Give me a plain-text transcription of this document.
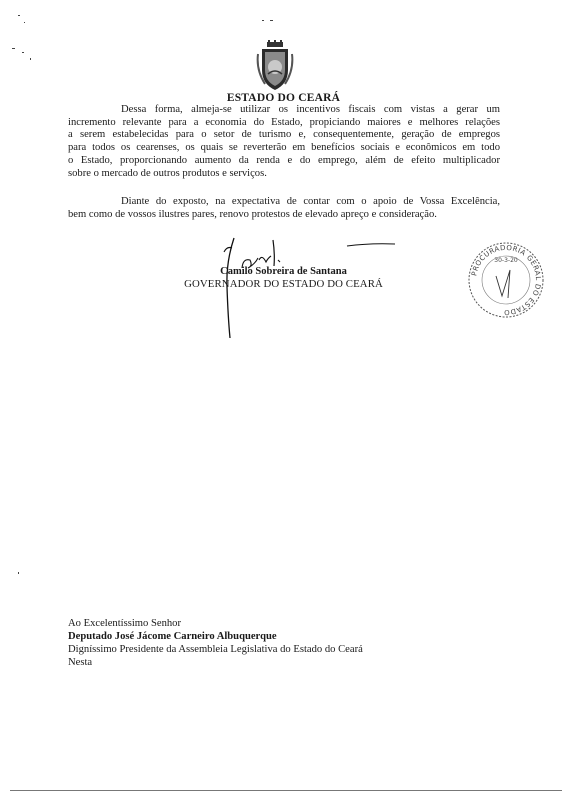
ESTADO DO CEARÁ
Dessa forma, almeja-se utilizar os incentivos fiscais com vistas a gerar um
incremento relevante para a economia do Estado, propiciando maiores e melhores relações
a serem estabelecidas para o setor de turismo e, consequentemente, geração de empregos
para todos os cearenses, os quais se reverterão em benefícios sociais e econômicos em todo
o Estado, proporcionando aumento da renda e do emprego, além de efeito multiplicador
sobre o mercado de outros produtos e serviços.
Diante do exposto, na expectativa de contar com o apoio de Vossa Excelência,
bem como de vossos ilustres pares, renovo protestos de elevado apreço e consideração.
Camilo Sobreira de Santana
GOVERNADOR DO ESTADO DO CEARÁ
PROCURADORIA GERAL DO ESTADO
30-3-20
Ao Excelentíssimo Senhor
Deputado José Jácome Carneiro Albuquerque
Digníssimo Presidente da Assembleia Legislativa do Estado do Ceará
Nesta
